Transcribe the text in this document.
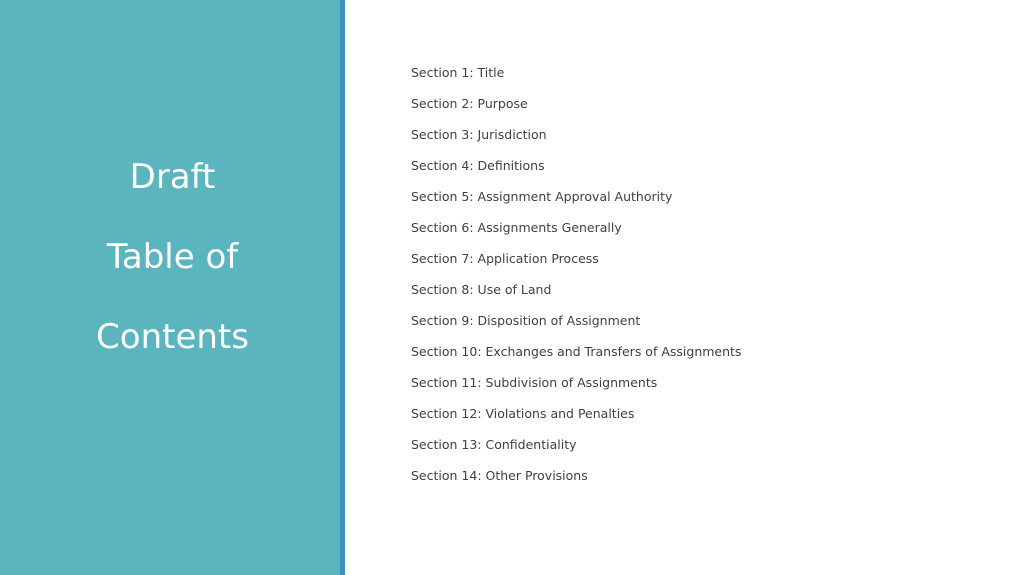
Draft

Table of

Contents

Section 1: Title
Section 2: Purpose
Section 3: Jurisdiction
Section 4: Definitions
Section 5: Assignment Approval Authority
Section 6: Assignments Generally
Section 7: Application Process
Section 8: Use of Land
Section 9: Disposition of Assignment
Section 10: Exchanges and Transfers of Assignments
Section 11: Subdivision of Assignments
Section 12: Violations and Penalties
Section 13: Confidentiality
Section 14: Other Provisions
